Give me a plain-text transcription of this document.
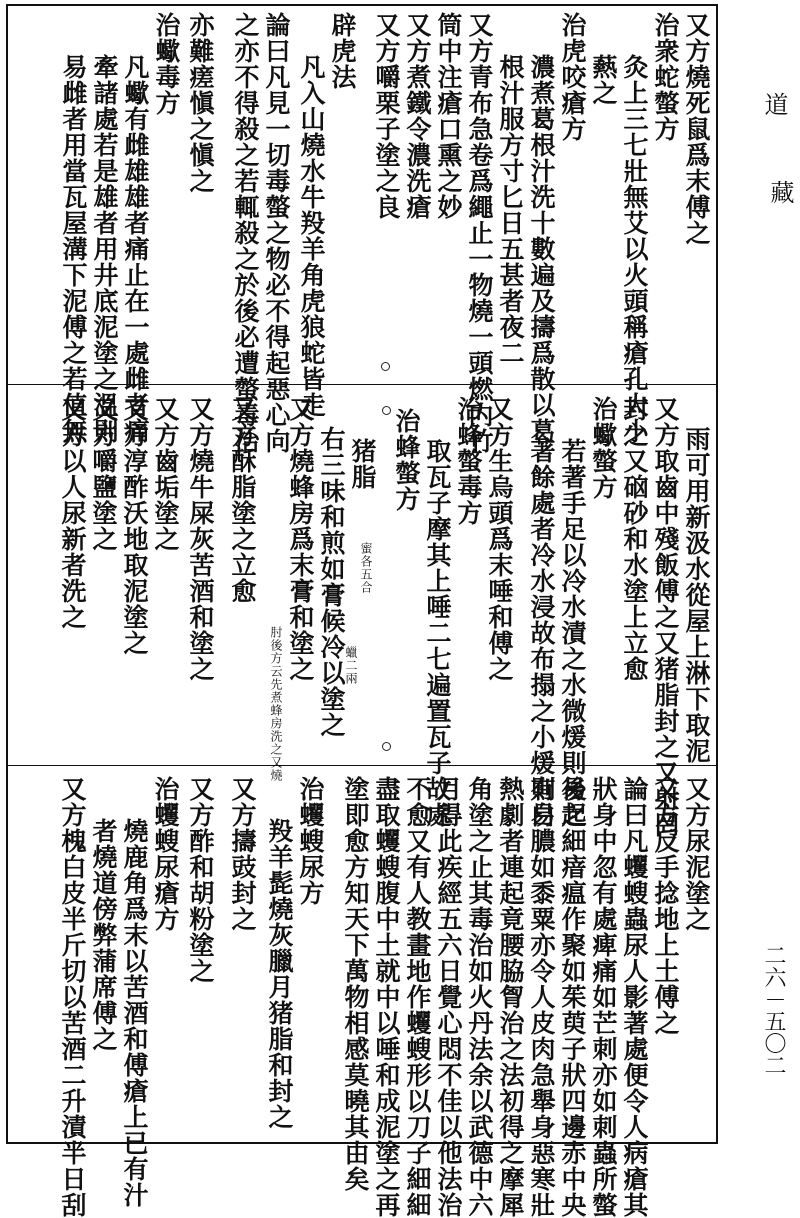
又方燒死鼠爲末傅之
治衆蛇螫方
灸上三七壯無艾以火頭稱瘡孔大小
爇之
治虎咬瘡方
濃煮葛根汁洗十數遍及擣爲散以葛
根汁服方寸匕日五甚者夜二
又方青布急卷爲繩止一物燒一頭燃内竹
筒中注瘡口熏之妙
又方煮鐵令濃洗瘡
又方嚼栗子塗之良
辟虎法
凡入山燒水牛羖羊角虎狼蛇皆走
論曰凡見一切毒螫之物必不得起惡心向
之亦不得殺之若輒殺之於後必遭螫毒治
亦難瘥愼之愼之
治蠍毒方
凡蠍有雌雄雄者痛止在一處雌者痛
牽諸處若是雄者用井底泥塗之溫則
易雌者用當瓦屋溝下泥傅之若值無
雨可用新汲水從屋上淋下取泥
又方取齒中殘飯傅之又猪脂封之又射罔
封之又硇砂和水塗上立愈
治蠍螫方
若著手足以冷水漬之水微煖則易之
著餘處者冷水浸故布搨之小煖則易
又方生烏頭爲末唾和傅之
治蜂螫毒方
取瓦子摩其上唾二七遍置瓦子故處
治蜂螫方
猪脂
右三味和煎如膏候冷以塗之
又方燒蜂房爲末膏和塗之
又方酥脂塗之立愈
又方燒牛屎灰苦酒和塗之
又方齒垢塗之
又方淳酢沃地取泥塗之
又方嚼鹽塗之
又方以人尿新者洗之	蜜各五合
蠟二兩
肘後方云先煮蜂房洗之又燒
又方尿泥塗之
又方反手捻地上土傅之
論曰凡蠼螋蟲尿人影著處便令人病瘡其
狀身中忽有處痺痛如芒刺亦如刺蟲所螫
後起細瘖瘟作聚如茱萸子狀四邊赤中央
有白膿如黍粟亦令人皮肉急舉身惡寒壯
熱劇者連起竟腰脇胷治之法初得之摩犀
角塗之止其毒治如火丹法余以武德中六
月得此疾經五六日覺心悶不佳以他法治
不愈又有人教畫地作蠼螋形以刀子細細
盡取蠼螋腹中土就中以唾和成泥塗之再
塗即愈方知天下萬物相感莫曉其由矣
治蠼螋尿方
羖羊髭燒灰臘月猪脂和封之
又方擣豉封之
又方酢和胡粉塗之
治蠼螋尿瘡方
燒鹿角爲末以苦酒和傅瘡上已有汁
者燒道傍弊蒲席傅之
又方槐白皮半斤切以苦酒二升漬半日刮
道
藏
二六－五〇二
